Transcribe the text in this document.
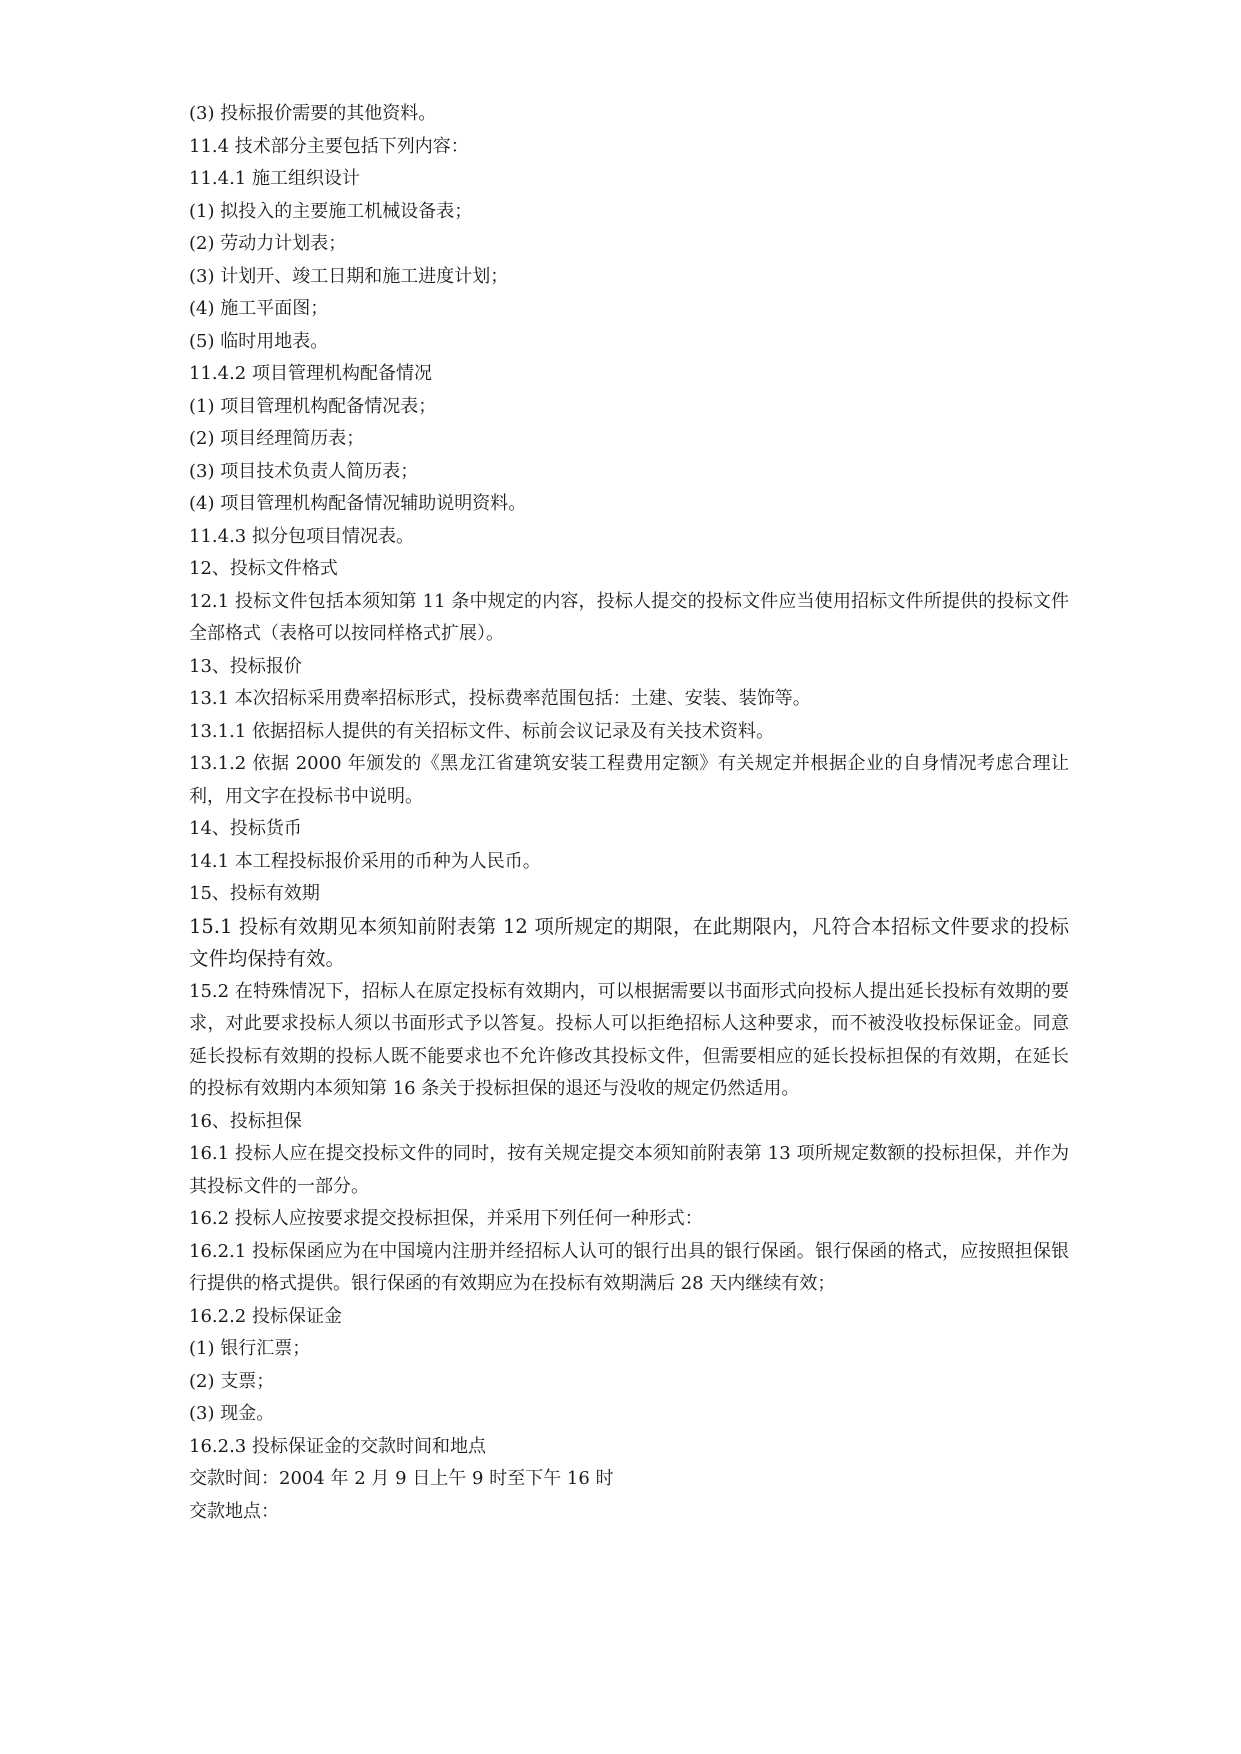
(3) 投标报价需要的其他资料。
11.4 技术部分主要包括下列内容：
11.4.1 施工组织设计
(1) 拟投入的主要施工机械设备表；
(2) 劳动力计划表；
(3) 计划开、竣工日期和施工进度计划；
(4) 施工平面图；
(5) 临时用地表。
11.4.2 项目管理机构配备情况
(1) 项目管理机构配备情况表；
(2) 项目经理简历表；
(3) 项目技术负责人简历表；
(4) 项目管理机构配备情况辅助说明资料。
11.4.3 拟分包项目情况表。
12、投标文件格式
12.1 投标文件包括本须知第 11 条中规定的内容，投标人提交的投标文件应当使用招标文件所提供的投标文件全部格式（表格可以按同样格式扩展）。
13、投标报价
13.1 本次招标采用费率招标形式，投标费率范围包括：土建、安装、装饰等。
13.1.1 依据招标人提供的有关招标文件、标前会议记录及有关技术资料。
13.1.2 依据 2000 年颁发的《黑龙江省建筑安装工程费用定额》有关规定并根据企业的自身情况考虑合理让利，用文字在投标书中说明。
14、投标货币
14.1 本工程投标报价采用的币种为人民币。
15、投标有效期
15.1 投标有效期见本须知前附表第 12 项所规定的期限，在此期限内，凡符合本招标文件要求的投标文件均保持有效。
15.2 在特殊情况下，招标人在原定投标有效期内，可以根据需要以书面形式向投标人提出延长投标有效期的要求，对此要求投标人须以书面形式予以答复。投标人可以拒绝招标人这种要求，而不被没收投标保证金。同意延长投标有效期的投标人既不能要求也不允许修改其投标文件，但需要相应的延长投标担保的有效期，在延长的投标有效期内本须知第 16 条关于投标担保的退还与没收的规定仍然适用。
16、投标担保
16.1 投标人应在提交投标文件的同时，按有关规定提交本须知前附表第 13 项所规定数额的投标担保，并作为其投标文件的一部分。
16.2 投标人应按要求提交投标担保，并采用下列任何一种形式：
16.2.1 投标保函应为在中国境内注册并经招标人认可的银行出具的银行保函。银行保函的格式，应按照担保银行提供的格式提供。银行保函的有效期应为在投标有效期满后 28 天内继续有效；
16.2.2 投标保证金
(1) 银行汇票；
(2) 支票；
(3) 现金。
16.2.3 投标保证金的交款时间和地点
交款时间：2004 年 2 月 9 日上午 9 时至下午 16 时
交款地点：
